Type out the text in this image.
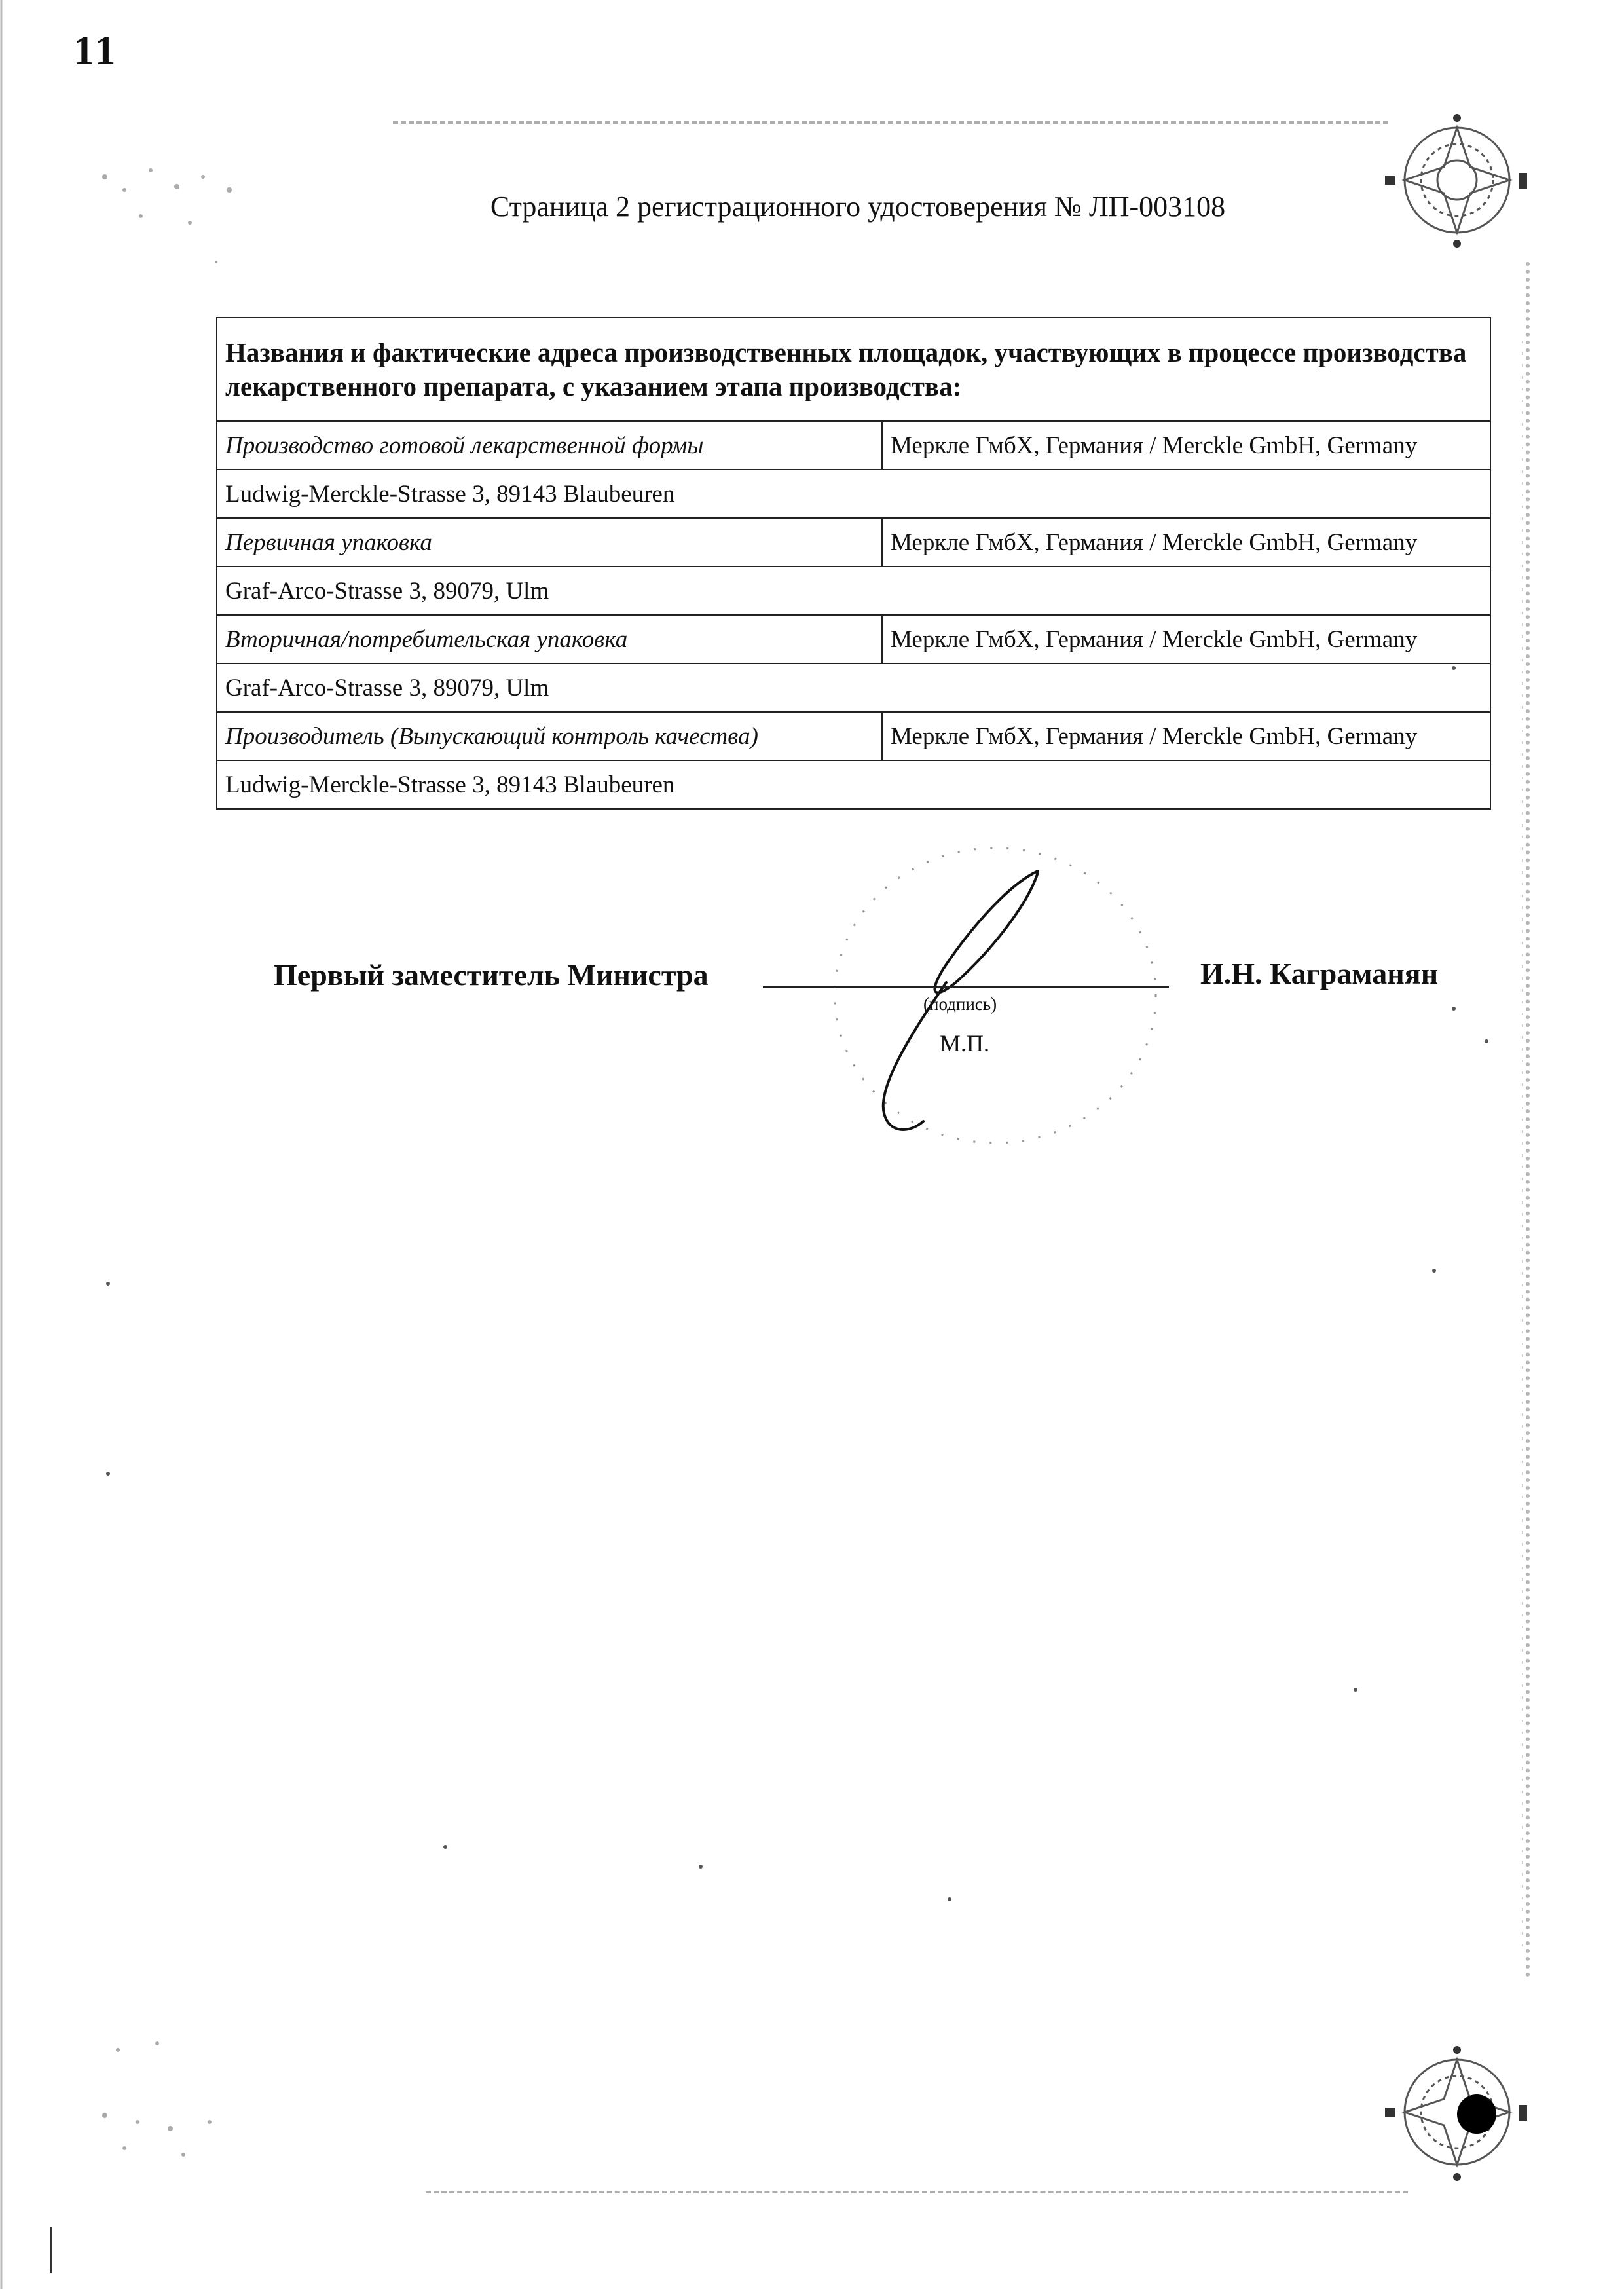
11
Страница 2 регистрационного удостоверения № ЛП-003108
Названия и фактические адреса производственных площадок, участвующих в процессе производства лекарственного препарата, с указанием этапа производства:	
Производство готовой лекарственной формы	Меркле ГмбХ, Германия / Merckle GmbH, Germany
Ludwig-Merckle-Strasse 3, 89143 Blaubeuren	
Первичная упаковка	Меркле ГмбХ, Германия / Merckle GmbH, Germany
Graf-Arco-Strasse 3, 89079, Ulm	
Вторичная/потребительская упаковка	Меркле ГмбХ, Германия / Merckle GmbH, Germany
Graf-Arco-Strasse 3, 89079, Ulm	
Производитель (Выпускающий контроль качества)	Меркле ГмбХ, Германия / Merckle GmbH, Germany
Ludwig-Merckle-Strasse 3, 89143 Blaubeuren	
Первый заместитель Министра
(подпись)
М.П.
И.Н. Каграманян
